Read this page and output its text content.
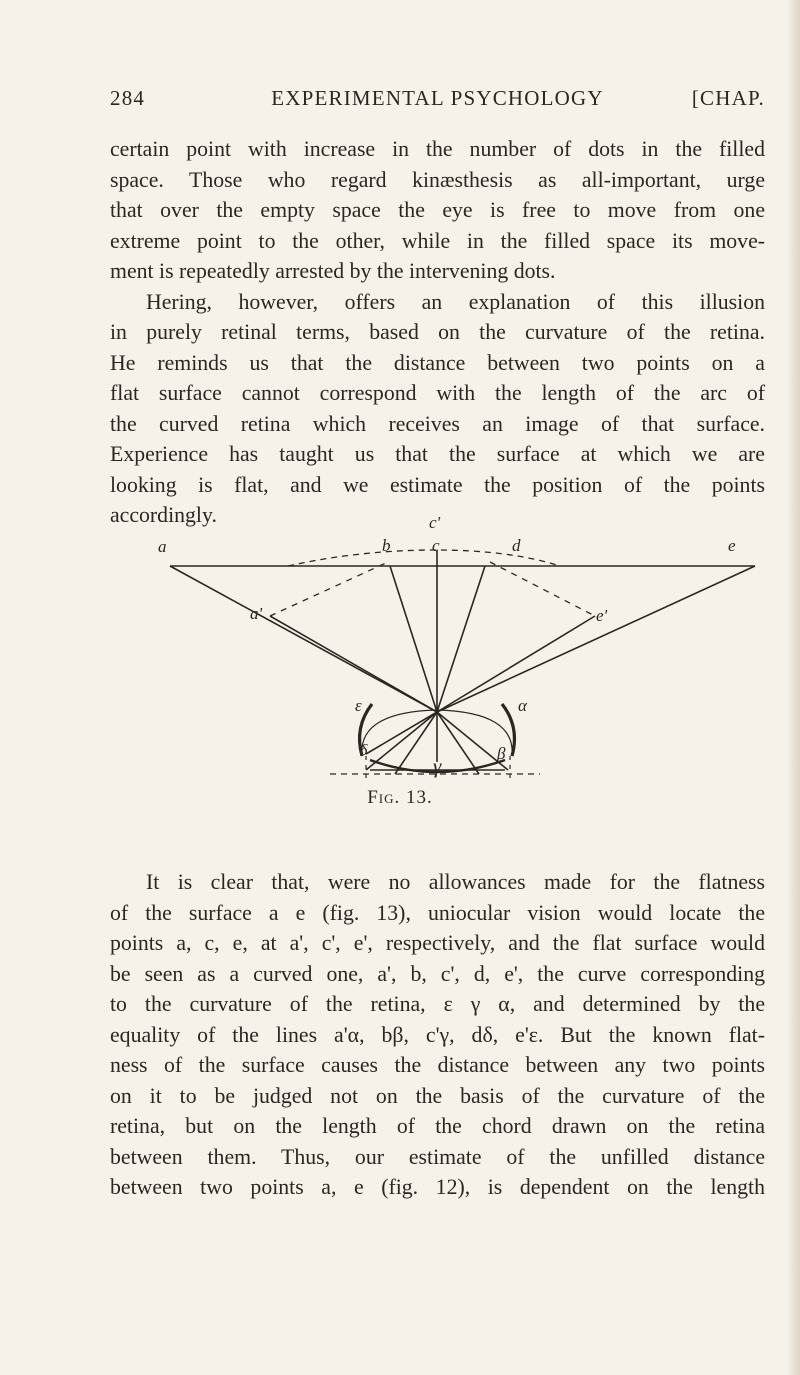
284	EXPERIMENTAL PSYCHOLOGY	[CHAP.
certain point with increase in the number of dots in the filled
space. Those who regard kinæsthesis as all-important, urge
that over the empty space the eye is free to move from one
extreme point to the other, while in the filled space its move-
ment is repeatedly arrested by the intervening dots.
Hering, however, offers an explanation of this illusion
in purely retinal terms, based on the curvature of the retina.
He reminds us that the distance between two points on a
flat surface cannot correspond with the length of the arc of
the curved retina which receives an image of that surface.
Experience has taught us that the surface at which we are
looking is flat, and we estimate the position of the points
accordingly.
a	b
c'
c	d	e
a'	e'
ε	α
β
γ
δ
Fig. 13.
It is clear that, were no allowances made for the flatness
of the surface a e (fig. 13), uniocular vision would locate the
points a, c, e, at a', c', e', respectively, and the flat surface would
be seen as a curved one, a', b, c', d, e', the curve corresponding
to the curvature of the retina, ε γ α, and determined by the
equality of the lines a'α, bβ, c'γ, dδ, e'ε. But the known flat-
ness of the surface causes the distance between any two points
on it to be judged not on the basis of the curvature of the
retina, but on the length of the chord drawn on the retina
between them. Thus, our estimate of the unfilled distance
between two points a, e (fig. 12), is dependent on the length
